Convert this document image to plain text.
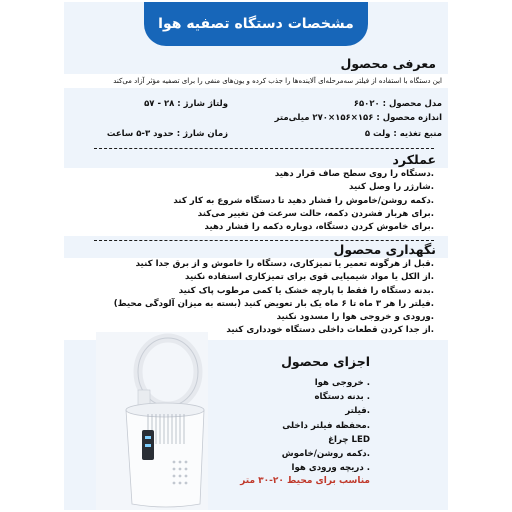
مشخصات دستگاه تصفیه هوا
معرفی محصول
این دستگاه با استفاده از فیلتر سه‌مرحله‌ای آلاینده‌ها را جذب کرده و یون‌های منفی را برای تصفیه مؤثر آزاد می‌کند
مدل محصول : ۶۵۰۲۰
ولتاژ شارژ : ۲۸ - ۵۷
اندازه محصول : ۱۵۶×۱۵۶×۲۷۰ میلی‌متر
منبع تغذیه : ولت ۵
زمان شارژ : حدود ۳-۵ ساعت
عملکرد
.دستگاه را روی سطح صاف قرار دهید
.شارژر را وصل کنید
.دکمه روشن/خاموش را فشار دهید تا دستگاه شروع به کار کند
.برای هربار فشردن دکمه، حالت سرعت فن تغییر می‌کند
.برای خاموش کردن دستگاه، دوباره دکمه را فشار دهید
نگهداری محصول
.قبل از هرگونه تعمیر یا تمیزکاری، دستگاه را خاموش و از برق جدا کنید
.از الکل یا مواد شیمیایی قوی برای تمیزکاری استفاده نکنید
.بدنه دستگاه را فقط با پارچه خشک یا کمی مرطوب پاک کنید
.فیلتر را هر ۳ ماه تا ۶ ماه یک بار تعویض کنید (بسته به میزان آلودگی محیط)
.ورودی و خروجی هوا را مسدود نکنید
.از جدا کردن قطعات داخلی دستگاه خودداری کنید
اجزای محصول
. خروجی هوا
. بدنه دستگاه
.فیلتر
.محفظه فیلتر داخلی
LED چراغ
.دکمه روشن/خاموش
. دریچه ورودی هوا
مناسب برای محیط ۲۰-۳۰ متر
